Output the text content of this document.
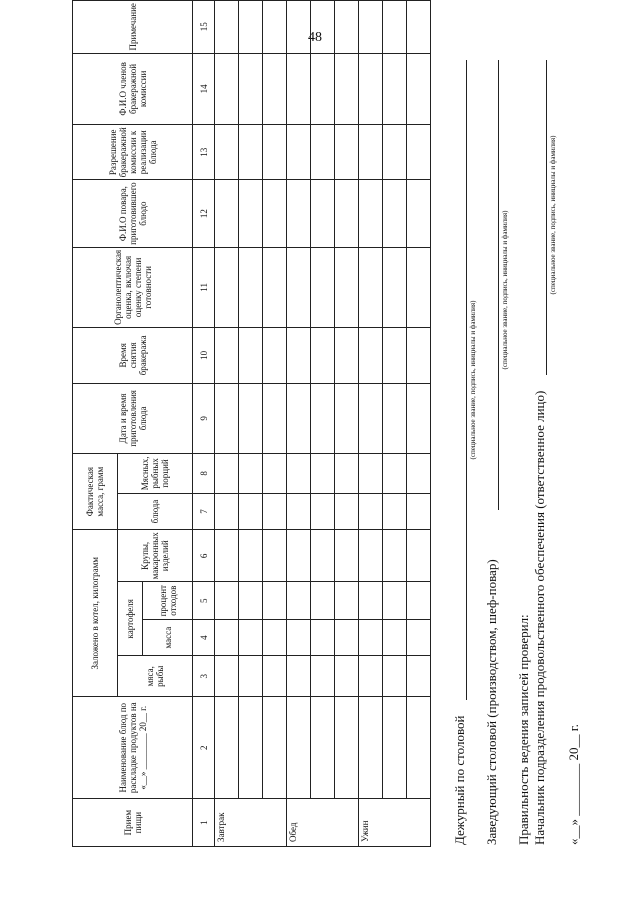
48
Прием пищи	Наименование блюд по раскладке продуктов на «__» ________ 20__ г.	Заложено в котел, килограмм				Фактическая масса, грамм		Дата и время приготовления блюда	Время снятия бракеража	Органолептическая оценка, включая оценку степени готовности	Ф.И.О повара, приготовившего блюдо	Разрешение бракеражной комиссии к реализации блюда	Ф.И.О членов бракеражной комиссии	Примечание
		мяса, рыбы	картофеля		Крупы, макаронных изделий	блюда	Мясных, рыбных порций							
			масса	процент отходов										
1	2	3	4	5	6	7	8	9	10	11	12	13	14	15
Завтрак														

Обед														

Ужин														

														Дежурный по столовой
(специальное звание, подпись, инициалы и фамилия)
Заведующий столовой (производством, шеф-повар)
(специальное звание, подпись, инициалы и фамилия)
Правильность ведения записей проверил: Начальник подразделения продовольственного обеспечения (ответственное лицо)
(специальное звание, подпись, инициалы и фамилия)
«__» ________ 20__ г.
